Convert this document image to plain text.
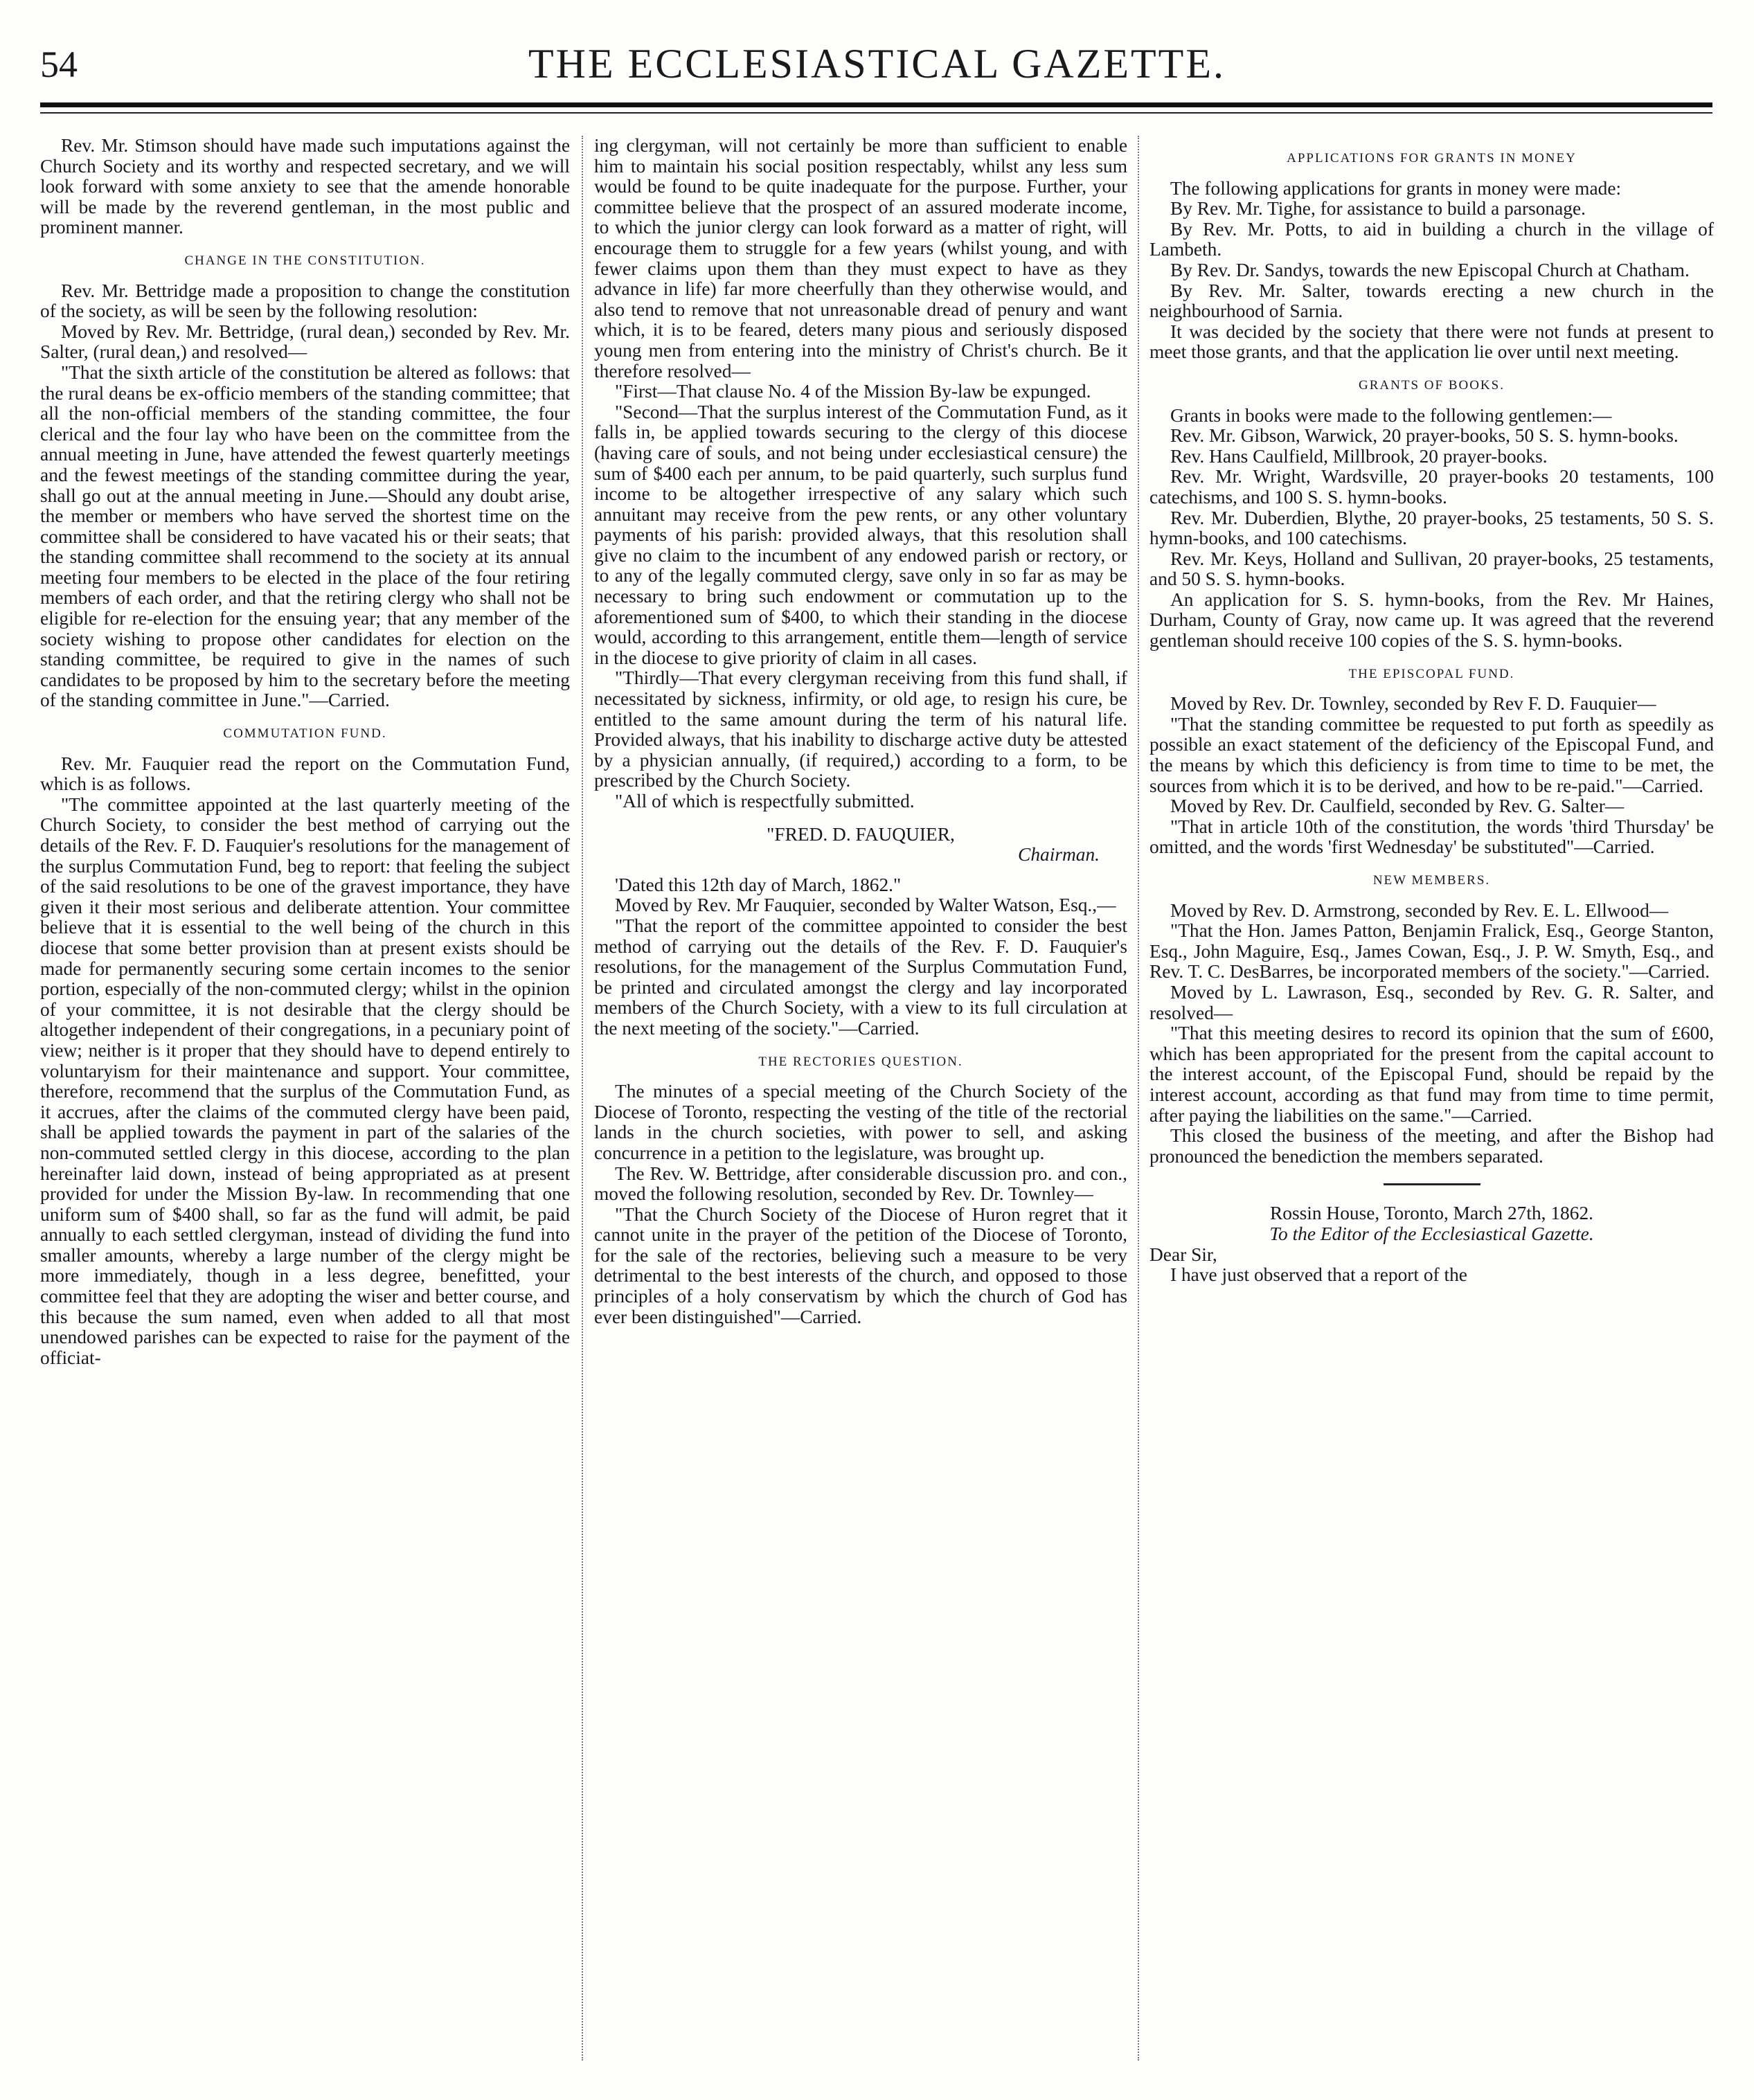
54	THE ECCLESIASTICAL GAZETTE.

Rev. Mr. Stimson should have made such imputations against the Church Society and its worthy and respected secretary, and we will look forward with some anxiety to see that the amende honorable will be made by the reverend gentleman, in the most public and prominent manner.

CHANGE IN THE CONSTITUTION.

Rev. Mr. Bettridge made a proposition to change the constitution of the society, as will be seen by the following resolution:

Moved by Rev. Mr. Bettridge, (rural dean,) seconded by Rev. Mr. Salter, (rural dean,) and resolved—

"That the sixth article of the constitution be altered as follows: that the rural deans be ex-officio members of the standing committee; that all the non-official members of the standing committee, the four clerical and the four lay who have been on the committee from the annual meeting in June, have attended the fewest quarterly meetings and the fewest meetings of the standing committee during the year, shall go out at the annual meeting in June.—Should any doubt arise, the member or members who have served the shortest time on the committee shall be considered to have vacated his or their seats; that the standing committee shall recommend to the society at its annual meeting four members to be elected in the place of the four retiring members of each order, and that the retiring clergy who shall not be eligible for re-election for the ensuing year; that any member of the society wishing to propose other candidates for election on the standing committee, be required to give in the names of such candidates to be proposed by him to the secretary before the meeting of the standing committee in June."—Carried.

COMMUTATION FUND.

Rev. Mr. Fauquier read the report on the Commutation Fund, which is as follows.

"The committee appointed at the last quarterly meeting of the Church Society, to consider the best method of carrying out the details of the Rev. F. D. Fauquier's resolutions for the management of the surplus Commutation Fund, beg to report: that feeling the subject of the said resolutions to be one of the gravest importance, they have given it their most serious and deliberate attention. Your committee believe that it is essential to the well being of the church in this diocese that some better provision than at present exists should be made for permanently securing some certain incomes to the senior portion, especially of the non-commuted clergy; whilst in the opinion of your committee, it is not desirable that the clergy should be altogether independent of their congregations, in a pecuniary point of view; neither is it proper that they should have to depend entirely to voluntaryism for their maintenance and support. Your committee, therefore, recommend that the surplus of the Commutation Fund, as it accrues, after the claims of the commuted clergy have been paid, shall be applied towards the payment in part of the salaries of the non-commuted settled clergy in this diocese, according to the plan hereinafter laid down, instead of being appropriated as at present provided for under the Mission By-law. In recommending that one uniform sum of $400 shall, so far as the fund will admit, be paid annually to each settled clergyman, instead of dividing the fund into smaller amounts, whereby a large number of the clergy might be more immediately, though in a less degree, benefitted, your committee feel that they are adopting the wiser and better course, and this because the sum named, even when added to all that most unendowed parishes can be expected to raise for the payment of the officiat-

ing clergyman, will not certainly be more than sufficient to enable him to maintain his social position respectably, whilst any less sum would be found to be quite inadequate for the purpose. Further, your committee believe that the prospect of an assured moderate income, to which the junior clergy can look forward as a matter of right, will encourage them to struggle for a few years (whilst young, and with fewer claims upon them than they must expect to have as they advance in life) far more cheerfully than they otherwise would, and also tend to remove that not unreasonable dread of penury and want which, it is to be feared, deters many pious and seriously disposed young men from entering into the ministry of Christ's church. Be it therefore resolved—

"First—That clause No. 4 of the Mission By-law be expunged.

"Second—That the surplus interest of the Commutation Fund, as it falls in, be applied towards securing to the clergy of this diocese (having care of souls, and not being under ecclesiastical censure) the sum of $400 each per annum, to be paid quarterly, such surplus fund income to be altogether irrespective of any salary which such annuitant may receive from the pew rents, or any other voluntary payments of his parish: provided always, that this resolution shall give no claim to the incumbent of any endowed parish or rectory, or to any of the legally commuted clergy, save only in so far as may be necessary to bring such endowment or commutation up to the aforementioned sum of $400, to which their standing in the diocese would, according to this arrangement, entitle them—length of service in the diocese to give priority of claim in all cases.

"Thirdly—That every clergyman receiving from this fund shall, if necessitated by sickness, infirmity, or old age, to resign his cure, be entitled to the same amount during the term of his natural life. Provided always, that his inability to discharge active duty be attested by a physician annually, (if required,) according to a form, to be prescribed by the Church Society.

"All of which is respectfully submitted.

"FRED. D. FAUQUIER,

Chairman.

'Dated this 12th day of March, 1862."

Moved by Rev. Mr Fauquier, seconded by Walter Watson, Esq.,—

"That the report of the committee appointed to consider the best method of carrying out the details of the Rev. F. D. Fauquier's resolutions, for the management of the Surplus Commutation Fund, be printed and circulated amongst the clergy and lay incorporated members of the Church Society, with a view to its full circulation at the next meeting of the society."—Carried.

THE RECTORIES QUESTION.

The minutes of a special meeting of the Church Society of the Diocese of Toronto, respecting the vesting of the title of the rectorial lands in the church societies, with power to sell, and asking concurrence in a petition to the legislature, was brought up.

The Rev. W. Bettridge, after considerable discussion pro. and con., moved the following resolution, seconded by Rev. Dr. Townley—

"That the Church Society of the Diocese of Huron regret that it cannot unite in the prayer of the petition of the Diocese of Toronto, for the sale of the rectories, believing such a measure to be very detrimental to the best interests of the church, and opposed to those principles of a holy conservatism by which the church of God has ever been distinguished"—Carried.

APPLICATIONS FOR GRANTS IN MONEY

The following applications for grants in money were made:

By Rev. Mr. Tighe, for assistance to build a parsonage.

By Rev. Mr. Potts, to aid in building a church in the village of Lambeth.

By Rev. Dr. Sandys, towards the new Episcopal Church at Chatham.

By Rev. Mr. Salter, towards erecting a new church in the neighbourhood of Sarnia.

It was decided by the society that there were not funds at present to meet those grants, and that the application lie over until next meeting.

GRANTS OF BOOKS.

Grants in books were made to the following gentlemen:—

Rev. Mr. Gibson, Warwick, 20 prayer-books, 50 S. S. hymn-books.

Rev. Hans Caulfield, Millbrook, 20 prayer-books.

Rev. Mr. Wright, Wardsville, 20 prayer-books 20 testaments, 100 catechisms, and 100 S. S. hymn-books.

Rev. Mr. Duberdien, Blythe, 20 prayer-books, 25 testaments, 50 S. S. hymn-books, and 100 catechisms.

Rev. Mr. Keys, Holland and Sullivan, 20 prayer-books, 25 testaments, and 50 S. S. hymn-books.

An application for S. S. hymn-books, from the Rev. Mr Haines, Durham, County of Gray, now came up. It was agreed that the reverend gentleman should receive 100 copies of the S. S. hymn-books.

THE EPISCOPAL FUND.

Moved by Rev. Dr. Townley, seconded by Rev F. D. Fauquier—

"That the standing committee be requested to put forth as speedily as possible an exact statement of the deficiency of the Episcopal Fund, and the means by which this deficiency is from time to time to be met, the sources from which it is to be derived, and how to be re-paid."—Carried.

Moved by Rev. Dr. Caulfield, seconded by Rev. G. Salter—

"That in article 10th of the constitution, the words 'third Thursday' be omitted, and the words 'first Wednesday' be substituted"—Carried.

NEW MEMBERS.

Moved by Rev. D. Armstrong, seconded by Rev. E. L. Ellwood—

"That the Hon. James Patton, Benjamin Fralick, Esq., George Stanton, Esq., John Maguire, Esq., James Cowan, Esq., J. P. W. Smyth, Esq., and Rev. T. C. DesBarres, be incorporated members of the society."—Carried.

Moved by L. Lawrason, Esq., seconded by Rev. G. R. Salter, and resolved—

"That this meeting desires to record its opinion that the sum of £600, which has been appropriated for the present from the capital account to the interest account, of the Episcopal Fund, should be repaid by the interest account, according as that fund may from time to time permit, after paying the liabilities on the same."—Carried.

This closed the business of the meeting, and after the Bishop had pronounced the benediction the members separated.

Rossin House, Toronto, March 27th, 1862.

To the Editor of the Ecclesiastical Gazette.

Dear Sir,

I have just observed that a report of the
